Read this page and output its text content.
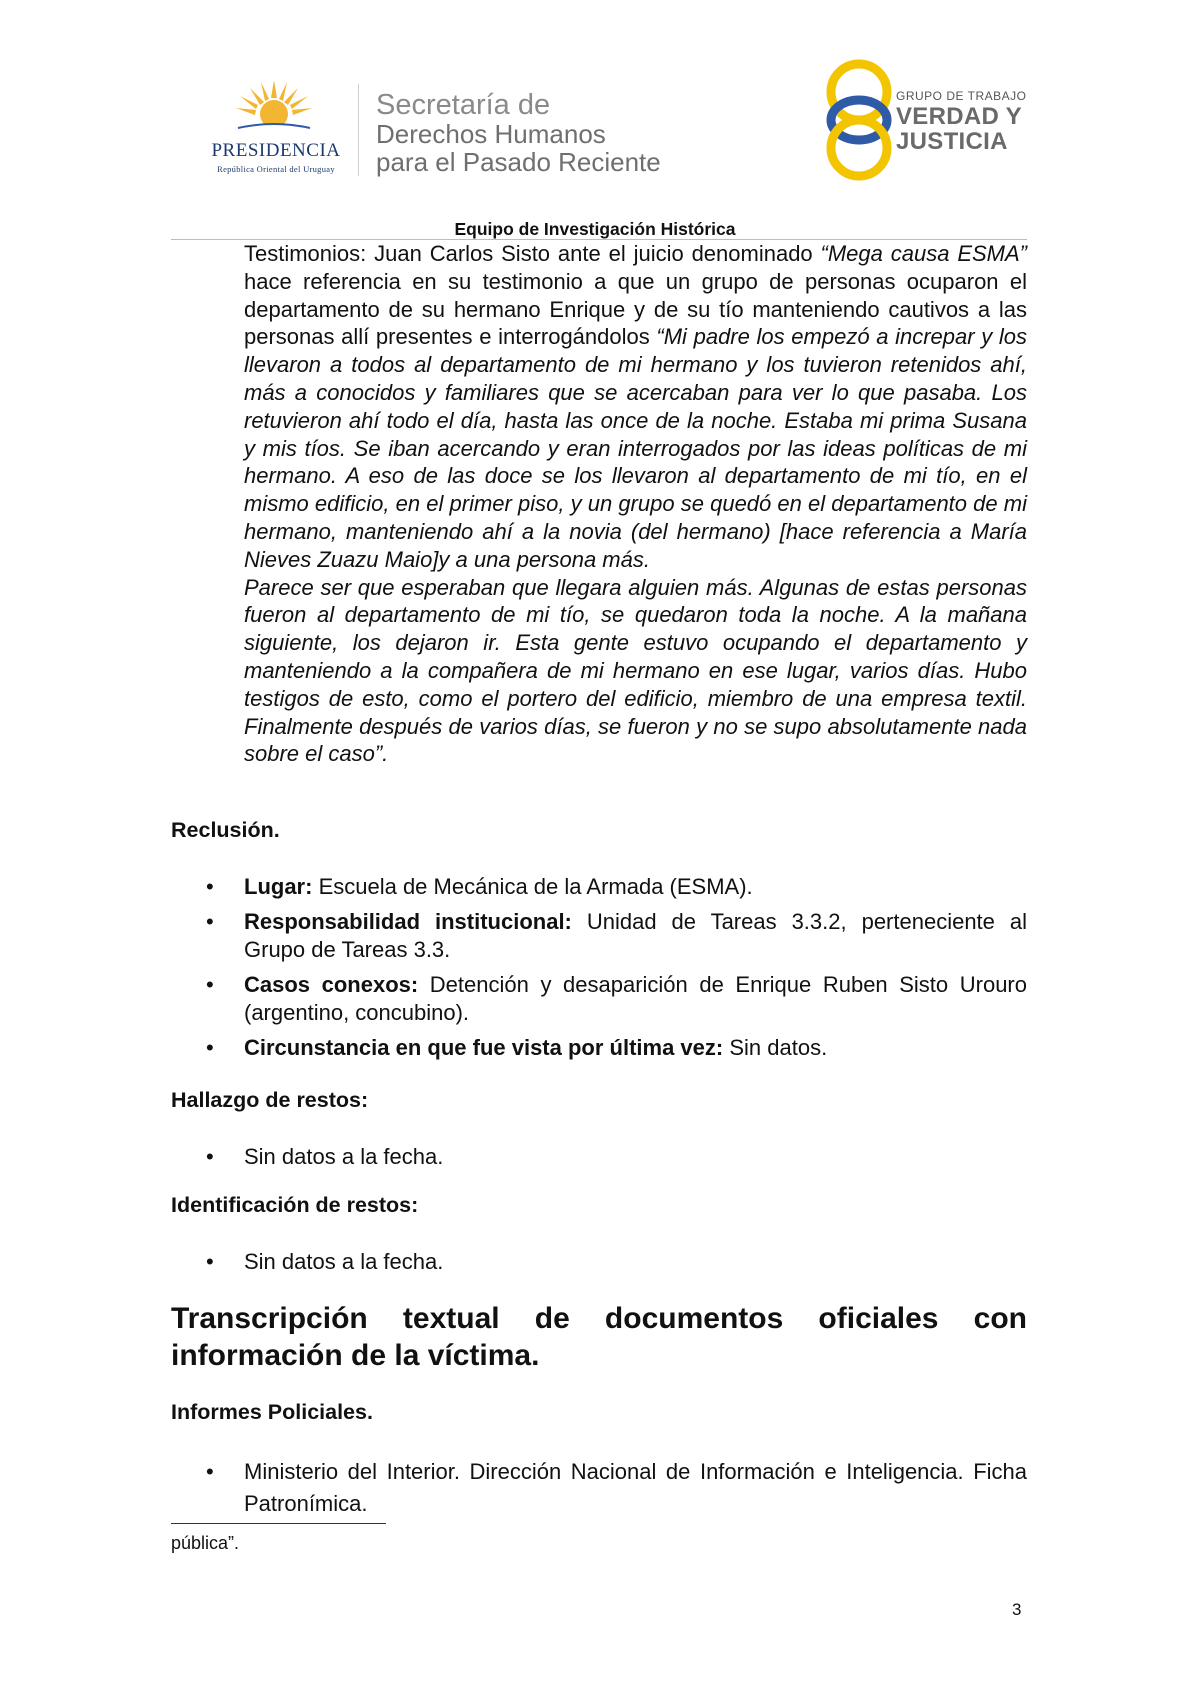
PRESIDENCIA
República Oriental del Uruguay
Secretaría de
Derechos Humanos
para el Pasado Reciente
GRUPO DE TRABAJO
VERDAD Y
JUSTICIA
Equipo de Investigación Histórica

Testimonios: Juan Carlos Sisto ante el juicio denominado “Mega causa ESMA” hace referencia en su testimonio a que un grupo de personas ocuparon el departamento de su hermano Enrique y de su tío manteniendo cautivos a las personas allí presentes e interrogándolos “Mi padre los empezó a increpar y los llevaron a todos al departamento de mi hermano y los tuvieron retenidos ahí, más a conocidos y familiares que se acercaban para ver lo que pasaba. Los retuvieron ahí todo el día, hasta las once de la noche. Estaba mi prima Susana y mis tíos. Se iban acercando y eran interrogados por las ideas políticas de mi hermano. A eso de las doce se los llevaron al departamento de mi tío, en el mismo edificio, en el primer piso, y un grupo se quedó en el departamento de mi hermano, manteniendo ahí a la novia (del hermano) [hace referencia a María Nieves Zuazu Maio]y a una persona más.

Parece ser que esperaban que llegara alguien más. Algunas de estas personas fueron al departamento de mi tío, se quedaron toda la noche. A la mañana siguiente, los dejaron ir. Esta gente estuvo ocupando el departamento y manteniendo a la compañera de mi hermano en ese lugar, varios días. Hubo testigos de esto, como el portero del edificio, miembro de una empresa textil. Finalmente después de varios días, se fueron y no se supo absolutamente nada sobre el caso”.

Reclusión.
• Lugar: Escuela de Mecánica de la Armada (ESMA).
• Responsabilidad institucional: Unidad de Tareas 3.3.2, perteneciente al Grupo de Tareas 3.3.
• Casos conexos: Detención y desaparición de Enrique Ruben Sisto Urouro (argentino, concubino).
• Circunstancia en que fue vista por última vez: Sin datos.
Hallazgo de restos:
• Sin datos a la fecha.
Identificación de restos:
• Sin datos a la fecha.
Transcripción textual de documentos oficiales con
información de la víctima.
Informes Policiales.
• Ministerio del Interior. Dirección Nacional de Información e Inteligencia. Ficha Patronímica.
pública”.
3
